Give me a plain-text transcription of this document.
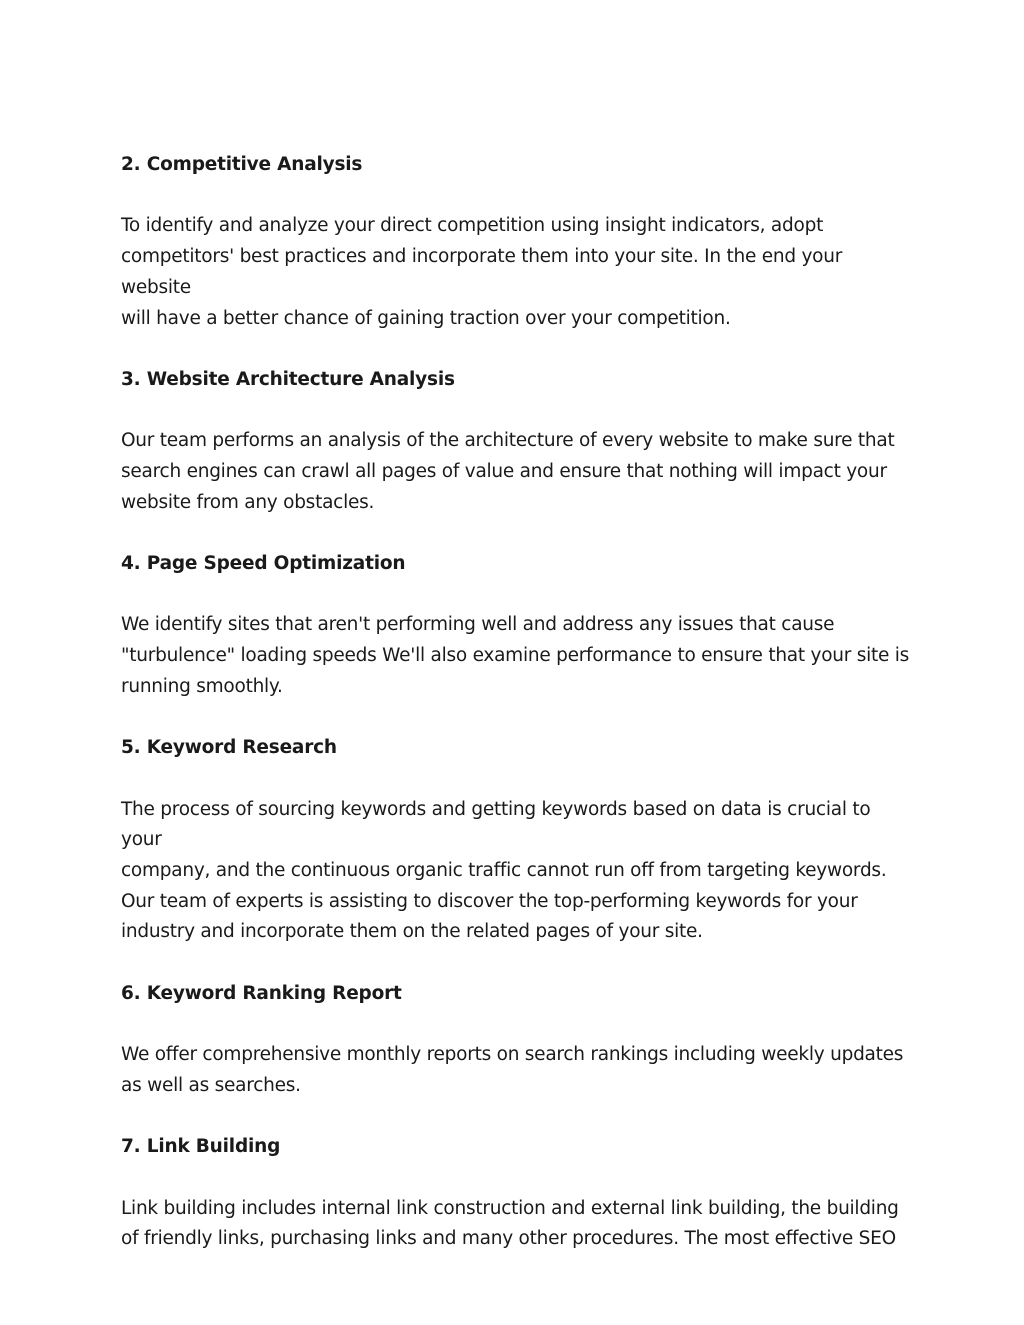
2. Competitive Analysis
To identify and analyze your direct competition using insight indicators, adopt
competitors' best practices and incorporate them into your site. In the end your website
will have a better chance of gaining traction over your competition.
3. Website Architecture Analysis
Our team performs an analysis of the architecture of every website to make sure that
search engines can crawl all pages of value and ensure that nothing will impact your
website from any obstacles.
4. Page Speed Optimization
We identify sites that aren't performing well and address any issues that cause
"turbulence" loading speeds We'll also examine performance to ensure that your site is
running smoothly.
5. Keyword Research
The process of sourcing keywords and getting keywords based on data is crucial to your
company, and the continuous organic traffic cannot run off from targeting keywords.
Our team of experts is assisting to discover the top-performing keywords for your
industry and incorporate them on the related pages of your site.
6. Keyword Ranking Report
We offer comprehensive monthly reports on search rankings including weekly updates
as well as searches.
7. Link Building
Link building includes internal link construction and external link building, the building
of friendly links, purchasing links and many other procedures. The most effective SEO
